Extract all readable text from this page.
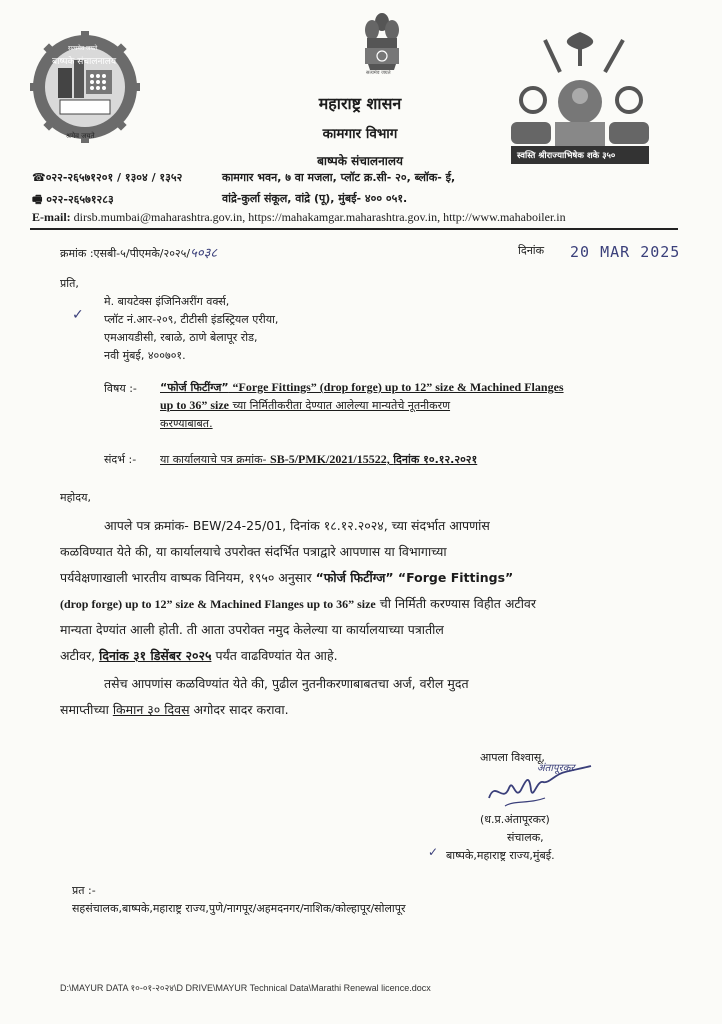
सत्यमेव जयते
बाष्पके संचालनालय
श्रमेव जयते
सत्यमेव जयते
स्वस्ति श्रीराज्याभिषेक शके ३५०
महाराष्ट्र शासन
कामगार विभाग
बाष्पके संचालनालय
☎०२२-२६५७१२०१ / १३०४ / १३५२
🖷 ०२२-२६५७१२८३
कामगार भवन, ७ वा मजला, प्लॉट क्र.सी- २०, ब्लॉक- ई,
वांद्रे-कुर्ला संकूल, वांद्रे (पू), मुंबई- ४०० ०५१.
E-mail: dirsb.mumbai@maharashtra.gov.in, https://mahakamgar.maharashtra.gov.in, http://www.mahaboiler.in
क्रमांक :एसबी-५/पीएमके/२०२५/५०३८	दिनांक 20 MAR 2025
प्रति,
✓
मे. बायटेक्स इंजिनिअरींग वर्क्स,
प्लॉट नं.आर-२०९, टीटीसी इंडस्ट्रियल एरीया,
एमआयडीसी, रबाळे, ठाणे बेलापूर रोड,
नवी मुंबई, ४००७०१.
विषय :- “फोर्ज फिटींग्ज” “Forge Fittings” (drop forge) up to 12” size & Machined Flanges
up to 36” size च्या निर्मितीकरीता देण्यात आलेल्या मान्यतेचे नूतनीकरण
करण्याबाबत.
संदर्भ :- या कार्यालयाचे पत्र क्रमांक- SB-5/PMK/2021/15522, दिनांक १०.१२.२०२१
महोदय,
आपले पत्र क्रमांक- BEW/24-25/01, दिनांक १८.१२.२०२४, च्या संदर्भात आपणांस
कळविण्यात येते की, या कार्यालयाचे उपरोक्त संदर्भित पत्राद्वारे आपणास या विभागाच्या
पर्यवेक्षणाखाली भारतीय वाष्पक विनियम, १९५० अनुसार “फोर्ज फिटींग्ज” “Forge Fittings”
(drop forge) up to 12” size & Machined Flanges up to 36” size ची निर्मिती करण्यास विहीत अटीवर
मान्यता देण्यांत आली होती. ती आता उपरोक्त नमुद केलेल्या या कार्यालयाच्या पत्रातील
अटीवर, दिनांक ३१ डिसेंबर २०२५ पर्यंत वाढविण्यांत येत आहे.
तसेच आपणांस कळविण्यांत येते की, पुढील नुतनीकरणाबाबतचा अर्ज, वरील मुदत
समाप्तीच्या किमान ३० दिवस अगोदर सादर करावा.
आपला विश्वासू,
अंतापूरकर
(ध.प्र.अंतापूरकर)
संचालक,
✓ बाष्पके,महाराष्ट्र राज्य,मुंबई.
प्रत :-
सहसंचालक,बाष्पके,महाराष्ट्र राज्य,पुणे/नागपूर/अहमदनगर/नाशिक/कोल्हापूर/सोलापूर
D:\MAYUR DATA १०-०१-२०२४\D DRIVE\MAYUR Technical Data\Marathi Renewal licence.docx
